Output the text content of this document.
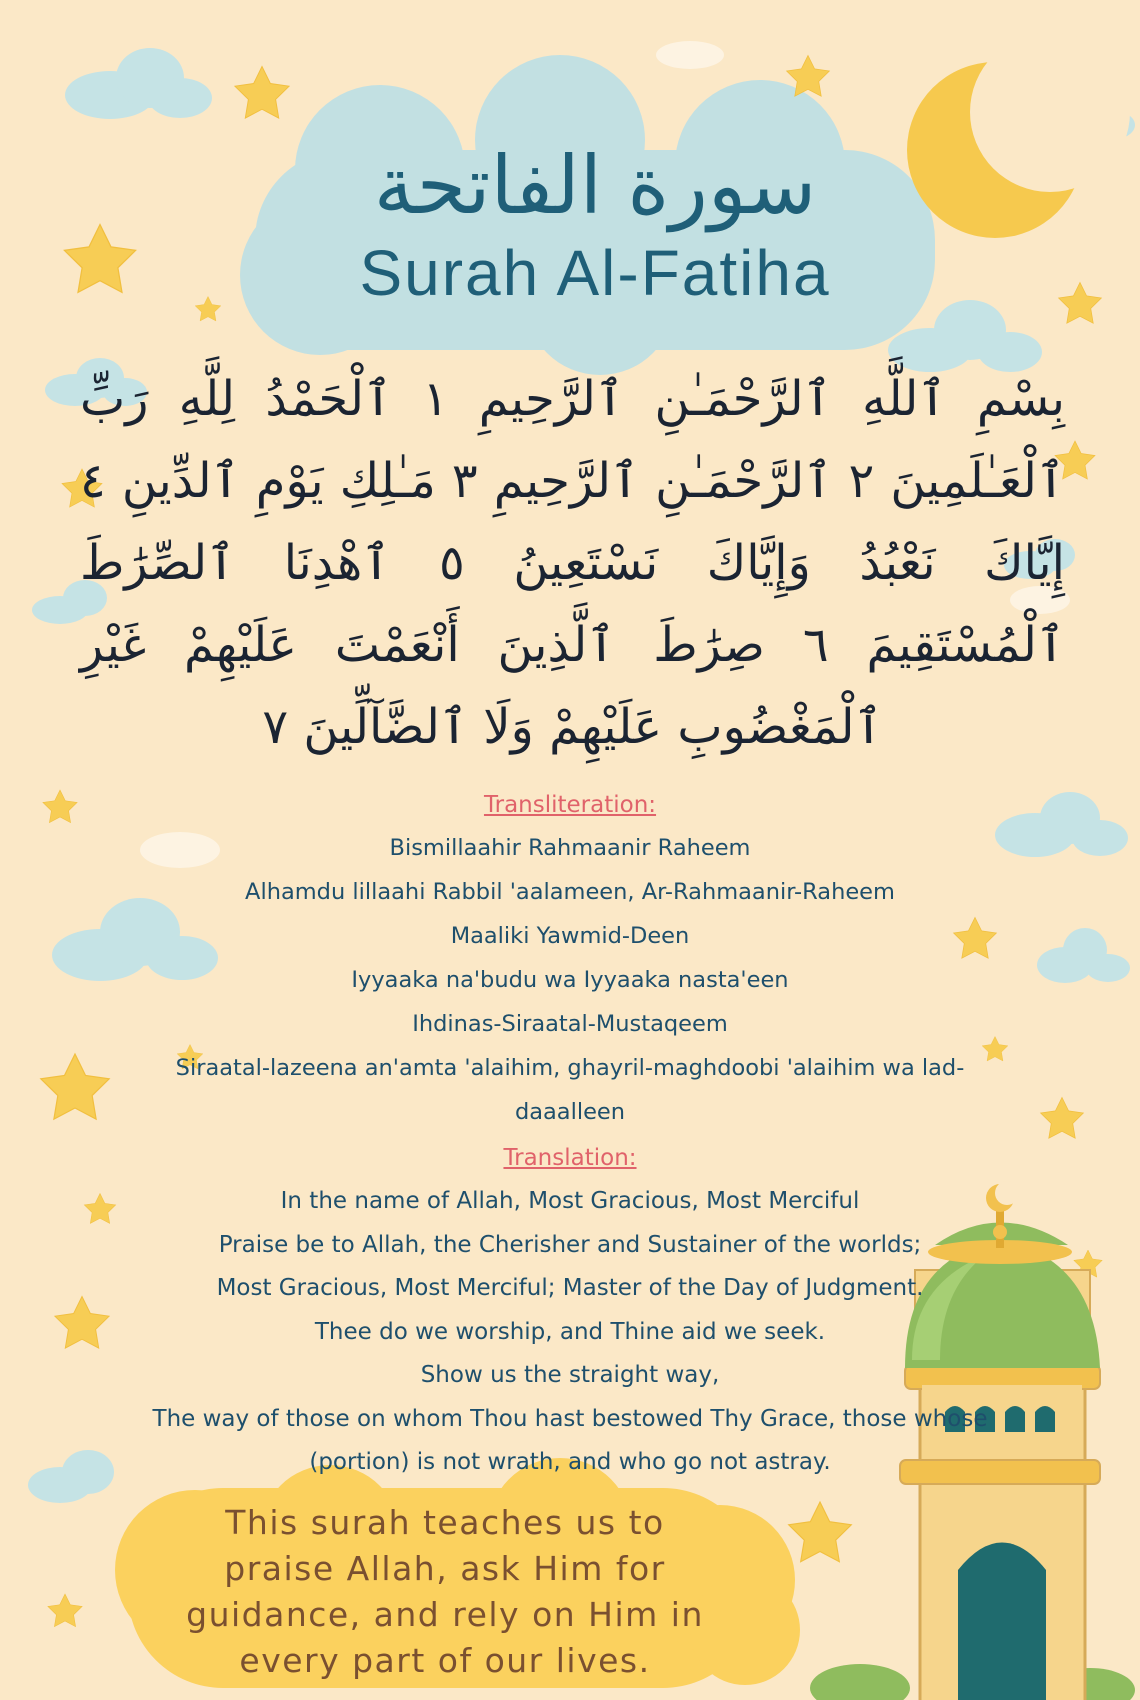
سورة الفاتحة
Surah Al-Fatiha
بِسْمِ ٱللَّهِ ٱلرَّحْمَـٰنِ ٱلرَّحِيمِ ١ ٱلْحَمْدُ لِلَّهِ رَبِّ ٱلْعَـٰلَمِينَ ٢ ٱلرَّحْمَـٰنِ ٱلرَّحِيمِ ٣ مَـٰلِكِ يَوْمِ ٱلدِّينِ ٤ إِيَّاكَ نَعْبُدُ وَإِيَّاكَ نَسْتَعِينُ ٥ ٱهْدِنَا ٱلصِّرَٰطَ ٱلْمُسْتَقِيمَ ٦ صِرَٰطَ ٱلَّذِينَ أَنْعَمْتَ عَلَيْهِمْ غَيْرِ ٱلْمَغْضُوبِ عَلَيْهِمْ وَلَا ٱلضَّآلِّينَ ٧
Transliteration:
Bismillaahir Rahmaanir Raheem
Alhamdu lillaahi Rabbil 'aalameen, Ar-Rahmaanir-Raheem
Maaliki Yawmid-Deen
Iyyaaka na'budu wa Iyyaaka nasta'een
Ihdinas-Siraatal-Mustaqeem
Siraatal-lazeena an'amta 'alaihim, ghayril-maghdoobi 'alaihim wa lad-
daaalleen
Translation:
In the name of Allah, Most Gracious, Most Merciful
Praise be to Allah, the Cherisher and Sustainer of the worlds;
Most Gracious, Most Merciful; Master of the Day of Judgment.
Thee do we worship, and Thine aid we seek.
Show us the straight way,
The way of those on whom Thou hast bestowed Thy Grace, those whose
(portion) is not wrath, and who go not astray.
This surah teaches us to praise Allah, ask Him for guidance, and rely on Him in every part of our lives.
